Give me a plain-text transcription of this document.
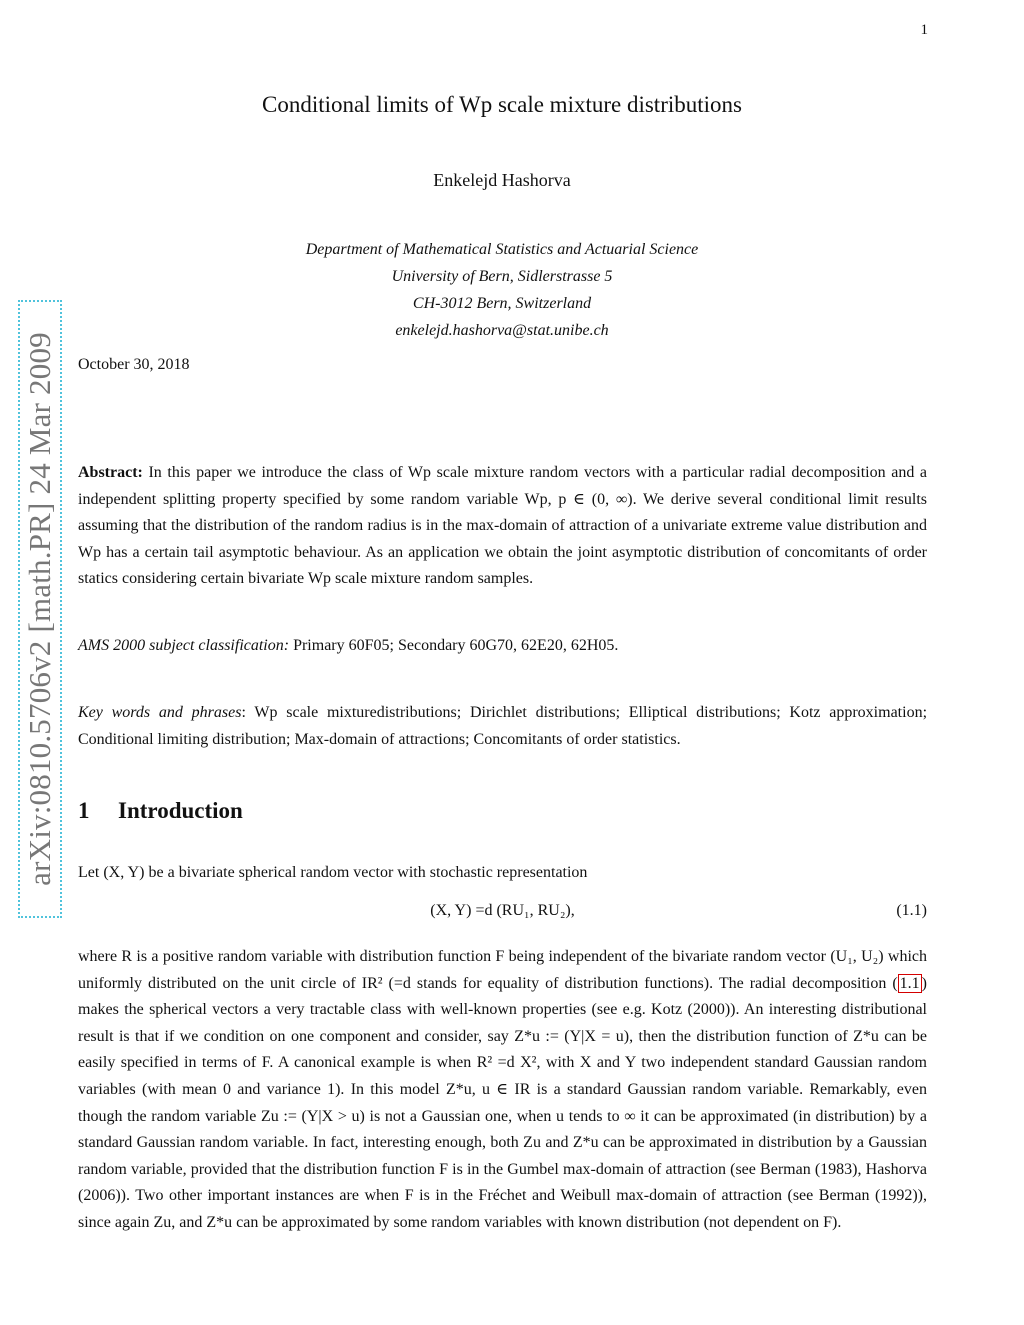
1
arXiv:0810.5706v2 [math.PR] 24 Mar 2009
Conditional limits of Wp scale mixture distributions
Enkelejd Hashorva
Department of Mathematical Statistics and Actuarial Science
University of Bern, Sidlerstrasse 5
CH-3012 Bern, Switzerland
enkelejd.hashorva@stat.unibe.ch
October 30, 2018

Abstract: In this paper we introduce the class of Wp scale mixture random vectors with a particular radial decomposition and a independent splitting property specified by some random variable Wp, p ∈ (0, ∞). We derive several conditional limit results assuming that the distribution of the random radius is in the max-domain of attraction of a univariate extreme value distribution and Wp has a certain tail asymptotic behaviour. As an application we obtain the joint asymptotic distribution of concomitants of order statics considering certain bivariate Wp scale mixture random samples.

AMS 2000 subject classification: Primary 60F05; Secondary 60G70, 62E20, 62H05.

Key words and phrases: Wp scale mixturedistributions; Dirichlet distributions; Elliptical distributions; Kotz approximation; Conditional limiting distribution; Max-domain of attractions; Concomitants of order statistics.

1 Introduction

Let (X, Y) be a bivariate spherical random vector with stochastic representation

(X, Y) =d (RU₁, RU₂),	(1.1)

where R is a positive random variable with distribution function F being independent of the bivariate random vector (U₁, U₂) which uniformly distributed on the unit circle of IR² (=d stands for equality of distribution functions). The radial decomposition ( 1.1 ) makes the spherical vectors a very tractable class with well-known properties (see e.g. Kotz (2000)). An interesting distributional result is that if we condition on one component and consider, say Z*u := (Y|X = u), then the distribution function of Z*u can be easily specified in terms of F. A canonical example is when R² =d X², with X and Y two independent standard Gaussian random variables (with mean 0 and variance 1). In this model Z*u, u ∈ IR is a standard Gaussian random variable. Remarkably, even though the random variable Zu := (Y|X > u) is not a Gaussian one, when u tends to ∞ it can be approximated (in distribution) by a standard Gaussian random variable. In fact, interesting enough, both Zu and Z*u can be approximated in distribution by a Gaussian random variable, provided that the distribution function F is in the Gumbel max-domain of attraction (see Berman (1983), Hashorva (2006)). Two other important instances are when F is in the Fréchet and Weibull max-domain of attraction (see Berman (1992)), since again Zu, and Z*u can be approximated by some random variables with known distribution (not dependent on F).
